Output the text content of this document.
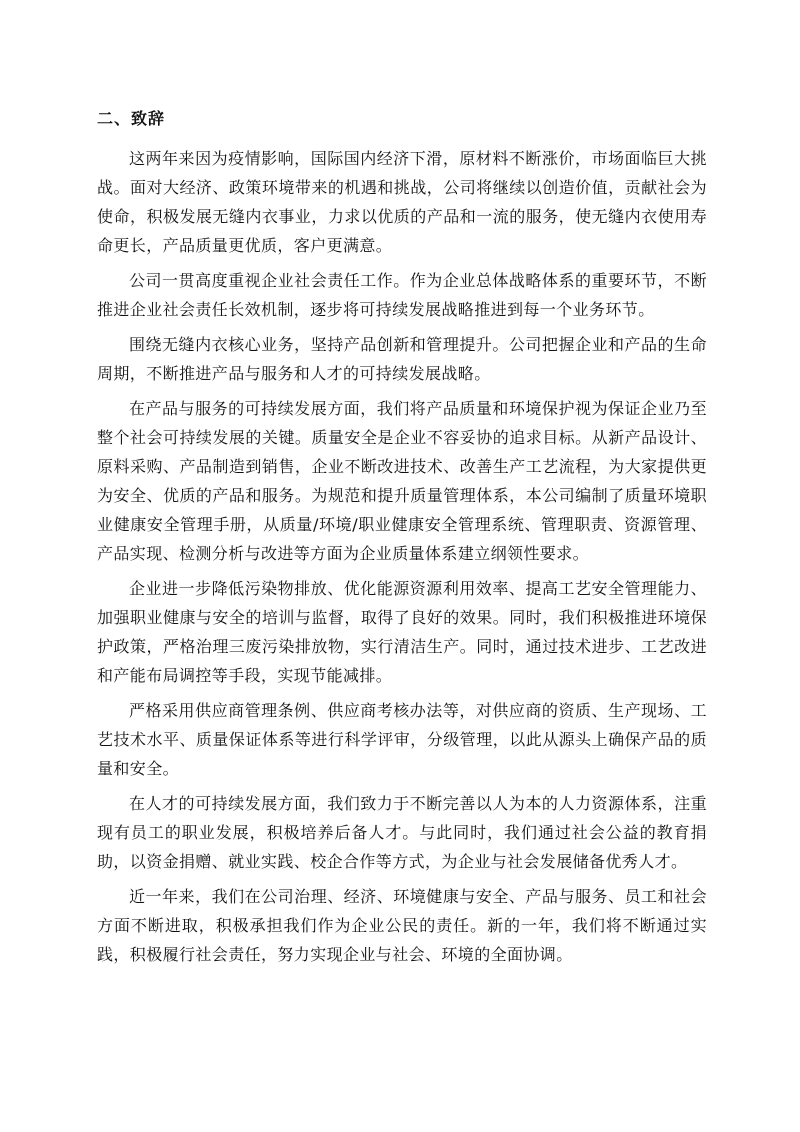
二、致辞

这两年来因为疫情影响，国际国内经济下滑，原材料不断涨价，市场面临巨大挑战。面对大经济、政策环境带来的机遇和挑战，公司将继续以创造价值，贡献社会为使命，积极发展无缝内衣事业，力求以优质的产品和一流的服务，使无缝内衣使用寿命更长，产品质量更优质，客户更满意。

公司一贯高度重视企业社会责任工作。作为企业总体战略体系的重要环节，不断推进企业社会责任长效机制，逐步将可持续发展战略推进到每一个业务环节。

围绕无缝内衣核心业务，坚持产品创新和管理提升。公司把握企业和产品的生命周期，不断推进产品与服务和人才的可持续发展战略。

在产品与服务的可持续发展方面，我们将产品质量和环境保护视为保证企业乃至整个社会可持续发展的关键。质量安全是企业不容妥协的追求目标。从新产品设计、原料采购、产品制造到销售，企业不断改进技术、改善生产工艺流程，为大家提供更为安全、优质的产品和服务。为规范和提升质量管理体系，本公司编制了质量环境职业健康安全管理手册，从质量/环境/职业健康安全管理系统、管理职责、资源管理、产品实现、检测分析与改进等方面为企业质量体系建立纲领性要求。

企业进一步降低污染物排放、优化能源资源利用效率、提高工艺安全管理能力、加强职业健康与安全的培训与监督，取得了良好的效果。同时，我们积极推进环境保护政策，严格治理三废污染排放物，实行清洁生产。同时，通过技术进步、工艺改进和产能布局调控等手段，实现节能减排。

严格采用供应商管理条例、供应商考核办法等，对供应商的资质、生产现场、工艺技术水平、质量保证体系等进行科学评审，分级管理，以此从源头上确保产品的质量和安全。

在人才的可持续发展方面，我们致力于不断完善以人为本的人力资源体系，注重现有员工的职业发展，积极培养后备人才。与此同时，我们通过社会公益的教育捐助，以资金捐赠、就业实践、校企合作等方式，为企业与社会发展储备优秀人才。

近一年来，我们在公司治理、经济、环境健康与安全、产品与服务、员工和社会方面不断进取，积极承担我们作为企业公民的责任。新的一年，我们将不断通过实践，积极履行社会责任，努力实现企业与社会、环境的全面协调。
